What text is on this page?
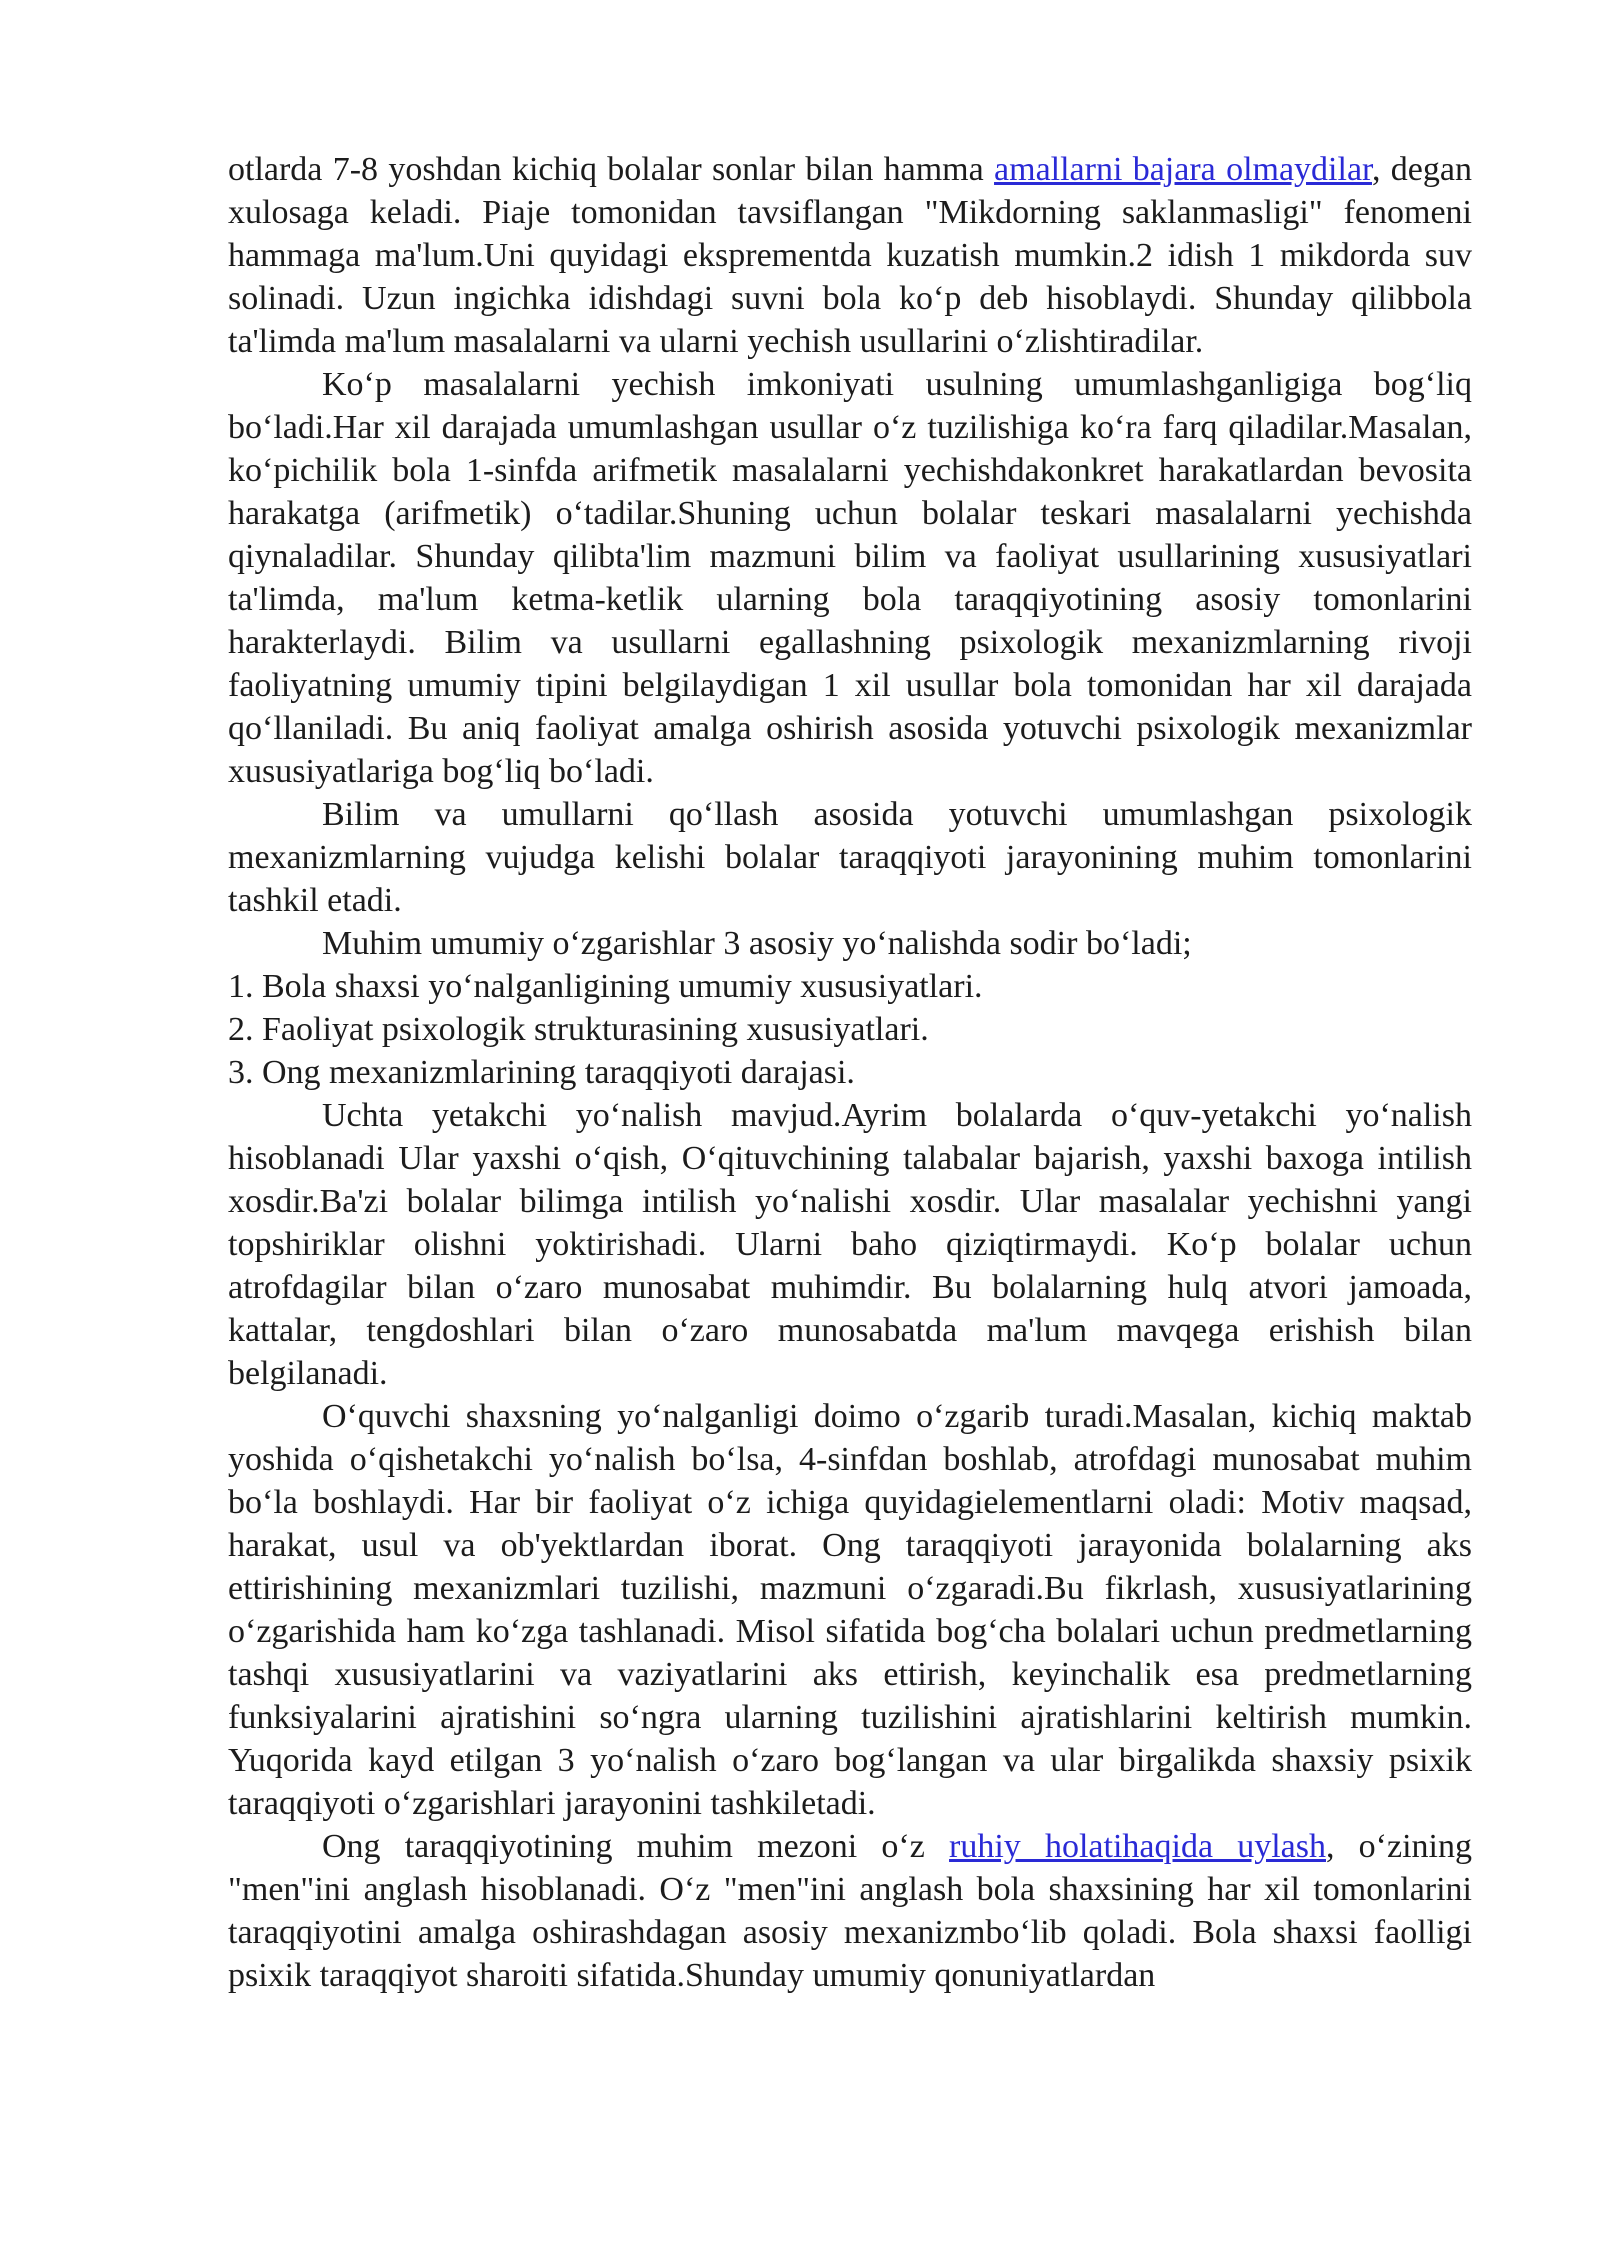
otlarda 7-8 yoshdan kichiq bolalar sonlar bilan hamma amallarni bajara olmaydilar, degan xulosaga keladi. Piaje tomonidan tavsiflangan "Mikdorning saklanmasligi" fenomeni hammaga ma'lum.Uni quyidagi ekspremеntda kuzatish mumkin.2 idish 1 mikdorda suv solinadi. Uzun ingichka idishdagi suvni bola ko‘p deb hisoblaydi. Shunday qilibbola ta'limda ma'lum masalalarni va ularni yechish usullarini o‘zlishtiradilar.

Ko‘p masalalarni yechish imkoniyati usulning umumlashganligiga bog‘liq bo‘ladi.Har xil darajada umumlashgan usullar o‘z tuzilishiga ko‘ra farq qiladilar.Masalan, ko‘pichilik bola 1-sinfda arifmetik masalalarni yechishdakonkret harakatlardan bevosita harakatga (arifmetik) o‘tadilar.Shuning uchun bolalar teskari masalalarni yechishda qiynaladilar. Shunday qilibta'lim mazmuni bilim va faoliyat usullarining xususiyatlari ta'limda, ma'lum ketma-ketlik ularning bola taraqqiyotining asosiy tomonlarini harakterlaydi. Bilim va usullarni egallashning psixologik mexanizmlarning rivoji faoliyatning umumiy tipini belgilaydigan 1 xil usullar bola tomonidan har xil darajada qo‘llaniladi. Bu aniq faoliyat amalga oshirish asosida yotuvchi psixologik mexanizmlar xususiyatlariga bog‘liq bo‘ladi.

Bilim va umullarni qo‘llash asosida yotuvchi umumlashgan psixologik mexanizmlarning vujudga kelishi bolalar taraqqiyoti jarayonining muhim tomonlarini tashkil etadi.

Muhim umumiy o‘zgarishlar 3 asosiy yo‘nalishda sodir bo‘ladi;

1. Bola shaxsi yo‘nalganligining umumiy xususiyatlari.

2. Faoliyat psixologik strukturasining xususiyatlari.

3. Ong mexanizmlarining taraqqiyoti darajasi.

Uchta yetakchi yo‘nalish mavjud.Ayrim bolalarda o‘quv-yetakchi yo‘nalish hisoblanadi Ular yaxshi o‘qish, O‘qituvchining talabalar bajarish, yaxshi baxoga intilish xosdir.Ba'zi bolalar bilimga intilish yo‘nalishi xosdir. Ular masalalar yechishni yangi topshiriklar olishni yoktirishadi. Ularni baho qiziqtirmaydi. Ko‘p bolalar uchun atrofdagilar bilan o‘zaro munosabat muhimdir. Bu bolalarning hulq atvori jamoada, kattalar, tengdoshlari bilan o‘zaro munosabatda ma'lum mavqega erishish bilan belgilanadi.

O‘quvchi shaxsning yo‘nalganligi doimo o‘zgarib turadi.Masalan, kichiq maktab yoshida o‘qishetakchi yo‘nalish bo‘lsa, 4-sinfdan boshlab, atrofdagi munosabat muhim bo‘la boshlaydi. Har bir faoliyat o‘z ichiga quyidagielementlarni oladi: Motiv maqsad, harakat, usul va ob'yektlardan iborat. Ong taraqqiyoti jarayonida bolalarning aks ettirishining mexanizmlari tuzilishi, mazmuni o‘zgaradi.Bu fikrlash, xususiyatlarining o‘zgarishida ham ko‘zga tashlanadi. Misol sifatida bog‘cha bolalari uchun predmetlarning tashqi xususiyatlarini va vaziyatlarini aks ettirish, keyinchalik esa predmetlarning funksiyalarini ajratishini so‘ngra ularning tuzilishini ajratishlarini keltirish mumkin. Yuqorida kayd etilgan 3 yo‘nalish o‘zaro bog‘langan va ular birgalikda shaxsiy psixik taraqqiyoti o‘zgarishlari jarayonini tashkiletadi.

Ong taraqqiyotining muhim mezoni o‘z ruhiy holatihaqida uylash, o‘zining "men"ini anglash hisoblanadi. O‘z "men"ini anglash bola shaxsining har xil tomonlarini taraqqiyotini amalga oshirashdagan asosiy mexanizmbo‘lib qoladi. Bola shaxsi faolligi psixik taraqqiyot sharoiti sifatida.Shunday umumiy qonuniyatlardan
